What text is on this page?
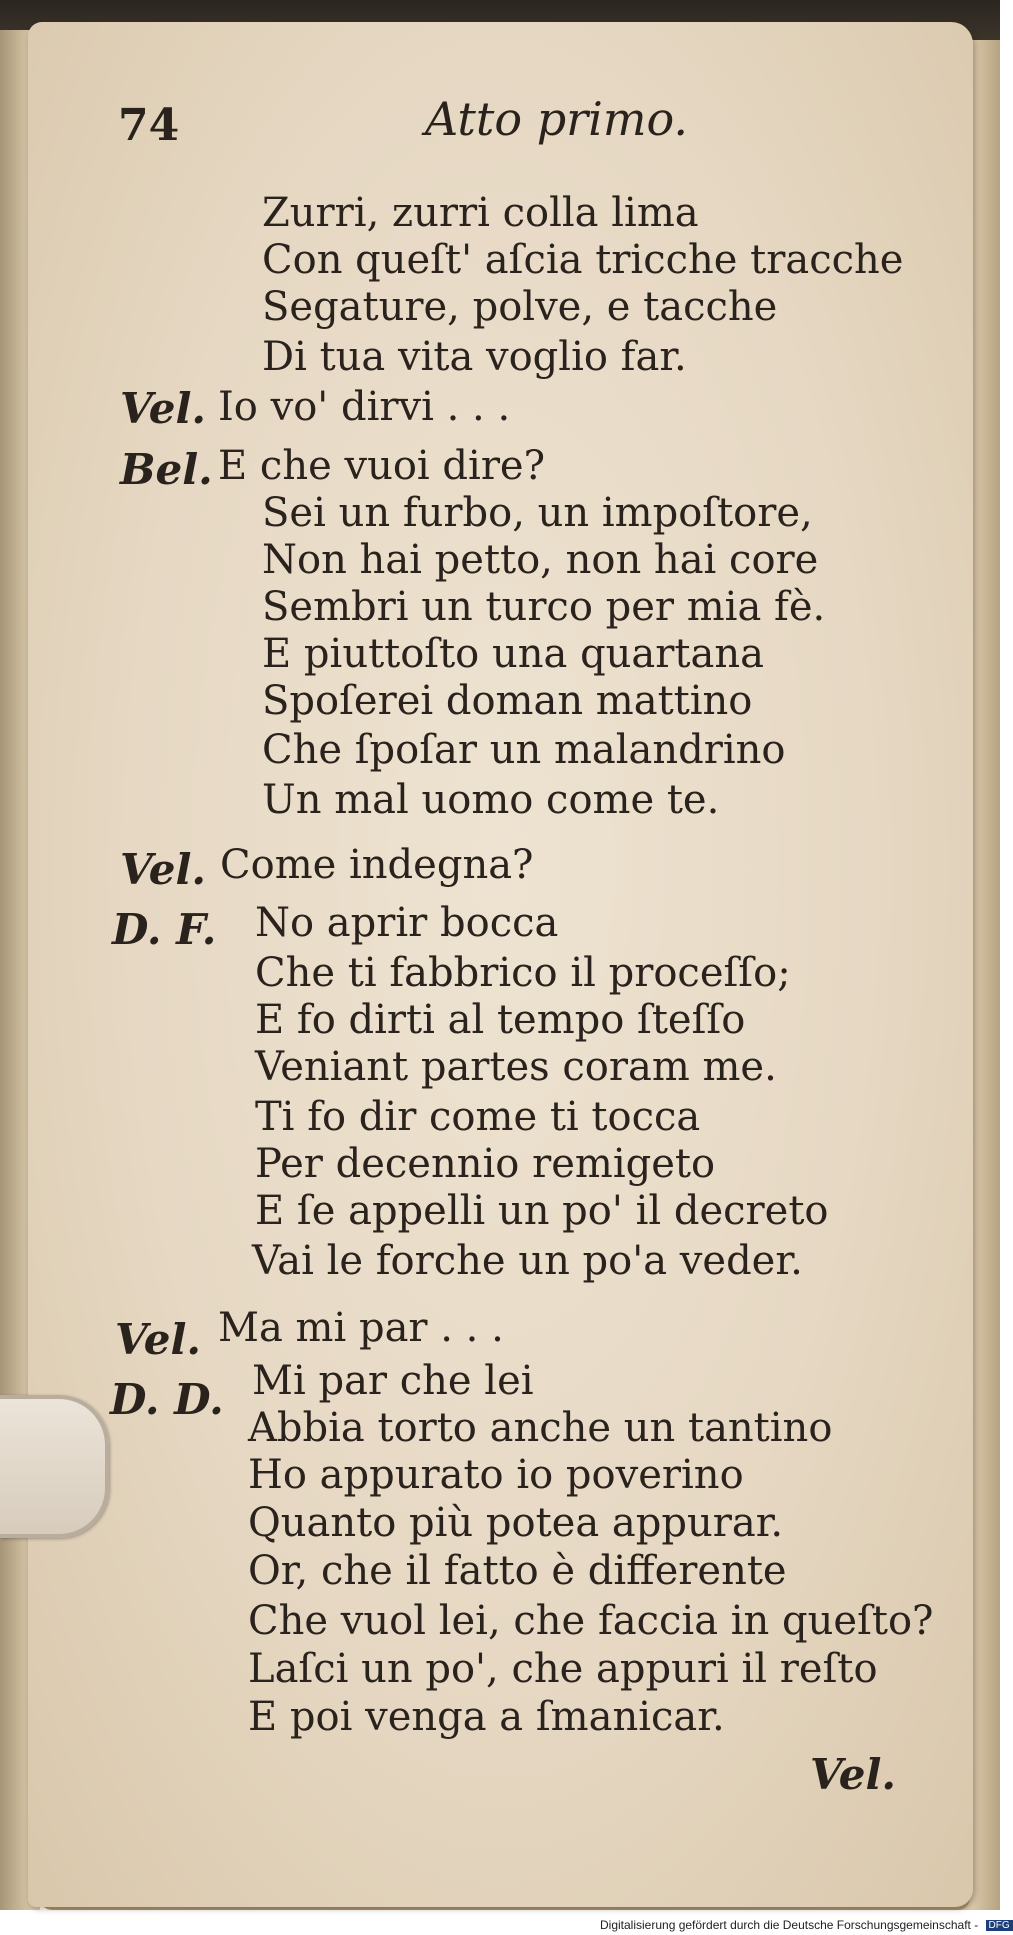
74	Atto primo.
Zurri, zurri colla lima
Con queſt' aſcia tricche tracche
Segature, polve, e tacche
Di tua vita voglio far.
Vel. Io vo' dirvi . . .
Bel. E che vuoi dire?
Sei un furbo, un impoſtore,
Non hai petto, non hai core
Sembri un turco per mia fè.
E piuttoſto una quartana
Spoſerei doman mattino
Che ſpoſar un malandrino
Un mal uomo come te.
Vel. Come indegna?
D. F. No aprir bocca
Che ti fabbrico il proceſſo;
E fo dirti al tempo ſteſſo
Veniant partes coram me.
Ti fo dir come ti tocca
Per decennio remigeto
E ſe appelli un po' il decreto
Vai le forche un po'a veder.
Vel. Ma mi par . . .
D. D. Mi par che lei
Abbia torto anche un tantino
Ho appurato io poverino
Quanto più potea appurar.
Or, che il fatto è differente
Che vuol lei, che faccia in queſto?
Laſci un po', che appuri il reſto
E poi venga a ſmanicar.
Vel.
Digitalisierung gefördert durch die Deutsche Forschungsgemeinschaft - DFG
